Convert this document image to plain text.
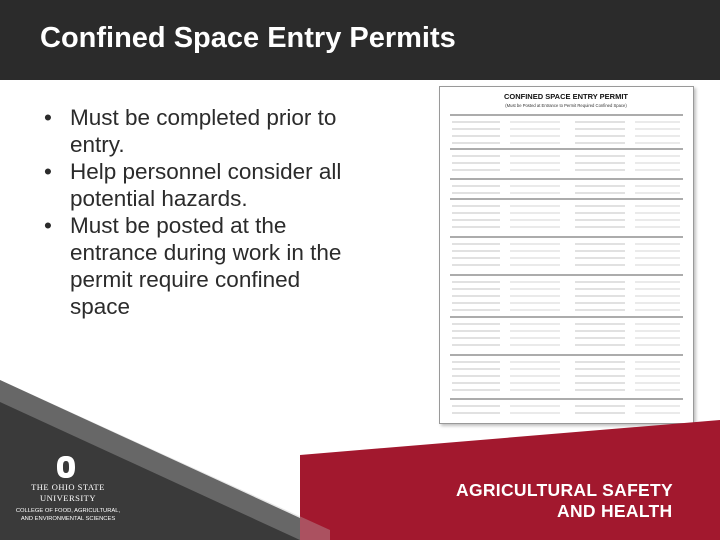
Confined Space Entry Permits
• Must be completed prior to
entry.
• Help personnel consider all
potential hazards.
• Must be posted at the
entrance during work in the
permit require confined
space
CONFINED SPACE ENTRY PERMIT
(Must be Posted at Entrance to Permit Required Confined Space)
THE OHIO STATE
UNIVERSITY
COLLEGE OF FOOD, AGRICULTURAL,
AND ENVIRONMENTAL SCIENCES
AGRICULTURAL SAFETY
AND HEALTH
